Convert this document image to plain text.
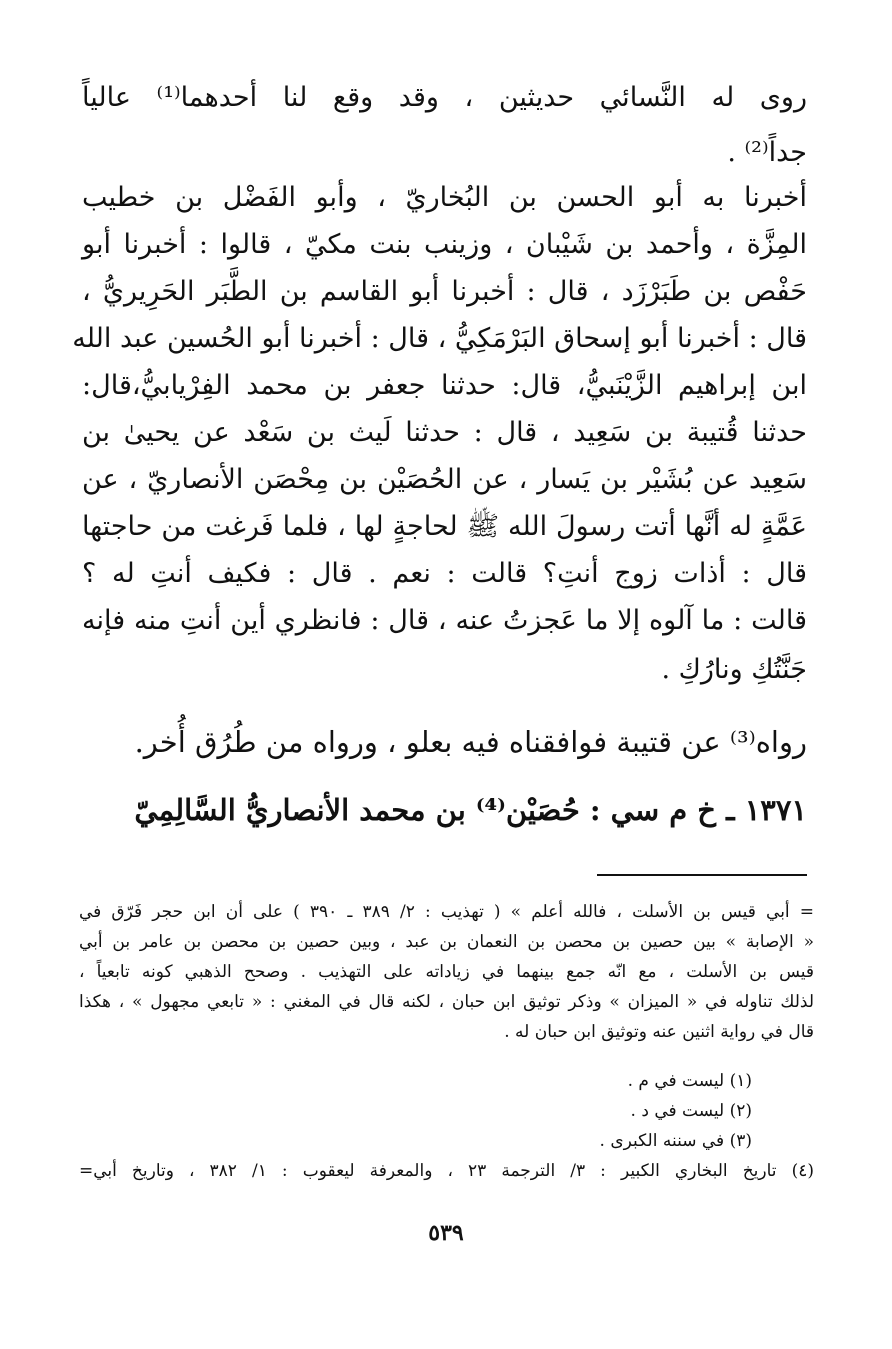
روى له النَّسائي حديثين ، وقد وقع لنا أحدهما⁽¹⁾ عالياً
جداً⁽²⁾ .
أخبرنا به أبو الحسن بن البُخاريّ ، وأبو الفَضْل بن خطيب
المِزَّة ، وأحمد بن شَيْبان ، وزينب بنت مكيّ ، قالوا : أخبرنا أبو
حَفْص بن طَبَرْزَد ، قال : أخبرنا أبو القاسم بن الطَّبَر الحَرِيريُّ ،
قال : أخبرنا أبو إسحاق البَرْمَكِيُّ ، قال : أخبرنا أبو الحُسين عبد الله
ابن إبراهيم الزَّيْنَبيُّ، قال: حدثنا جعفر بن محمد الفِرْيابيُّ،قال:
حدثنا قُتيبة بن سَعِيد ، قال : حدثنا لَيث بن سَعْد عن يحيىٰ بن
سَعِيد عن بُشَيْر بن يَسار ، عن الحُصَيْن بن مِحْصَن الأنصاريّ ، عن
عَمَّةٍ له أنَّها أتت رسولَ الله ﷺ لحاجةٍ لها ، فلما فَرغت من حاجتها
قال : أذات زوج أنتِ؟ قالت : نعم . قال : فكيف أنتِ له ؟
قالت : ما آلوه إلا ما عَجزتُ عنه ، قال : فانظري أين أنتِ منه فإنه
جَنَّتُكِ ونارُكِ .
رواه⁽³⁾ عن قتيبة فوافقناه فيه بعلو ، ورواه من طُرُق أُخر.
١٣٧١ ـ خ م سي : حُصَيْن⁽⁴⁾ بن محمد الأنصاريُّ السَّالِمِيّ
= أبي قيس بن الأسلت ، فالله أعلم » ( تهذيب : ٢/ ٣٨٩ ـ ٣٩٠ ) على أن ابن حجر فَرّق في
« الإصابة » بين حصين بن محصن بن النعمان بن عبد ، وبين حصين بن محصن بن عامر بن أبي
قيس بن الأسلت ، مع انّه جمع بينهما في زياداته على التهذيب . وصحح الذهبي كونه تابعياً ،
لذلك تناوله في « الميزان » وذكر توثيق ابن حبان ، لكنه قال في المغني : « تابعي مجهول » ، هكذا
قال في رواية اثنين عنه وتوثيق ابن حبان له .
(١) ليست في م .
(٢) ليست في د .
(٣) في سننه الكبرى .
(٤) تاريخ البخاري الكبير : ٣/ الترجمة ٢٣ ، والمعرفة ليعقوب : ١/ ٣٨٢ ، وتاريخ أبي=
٥٣٩
